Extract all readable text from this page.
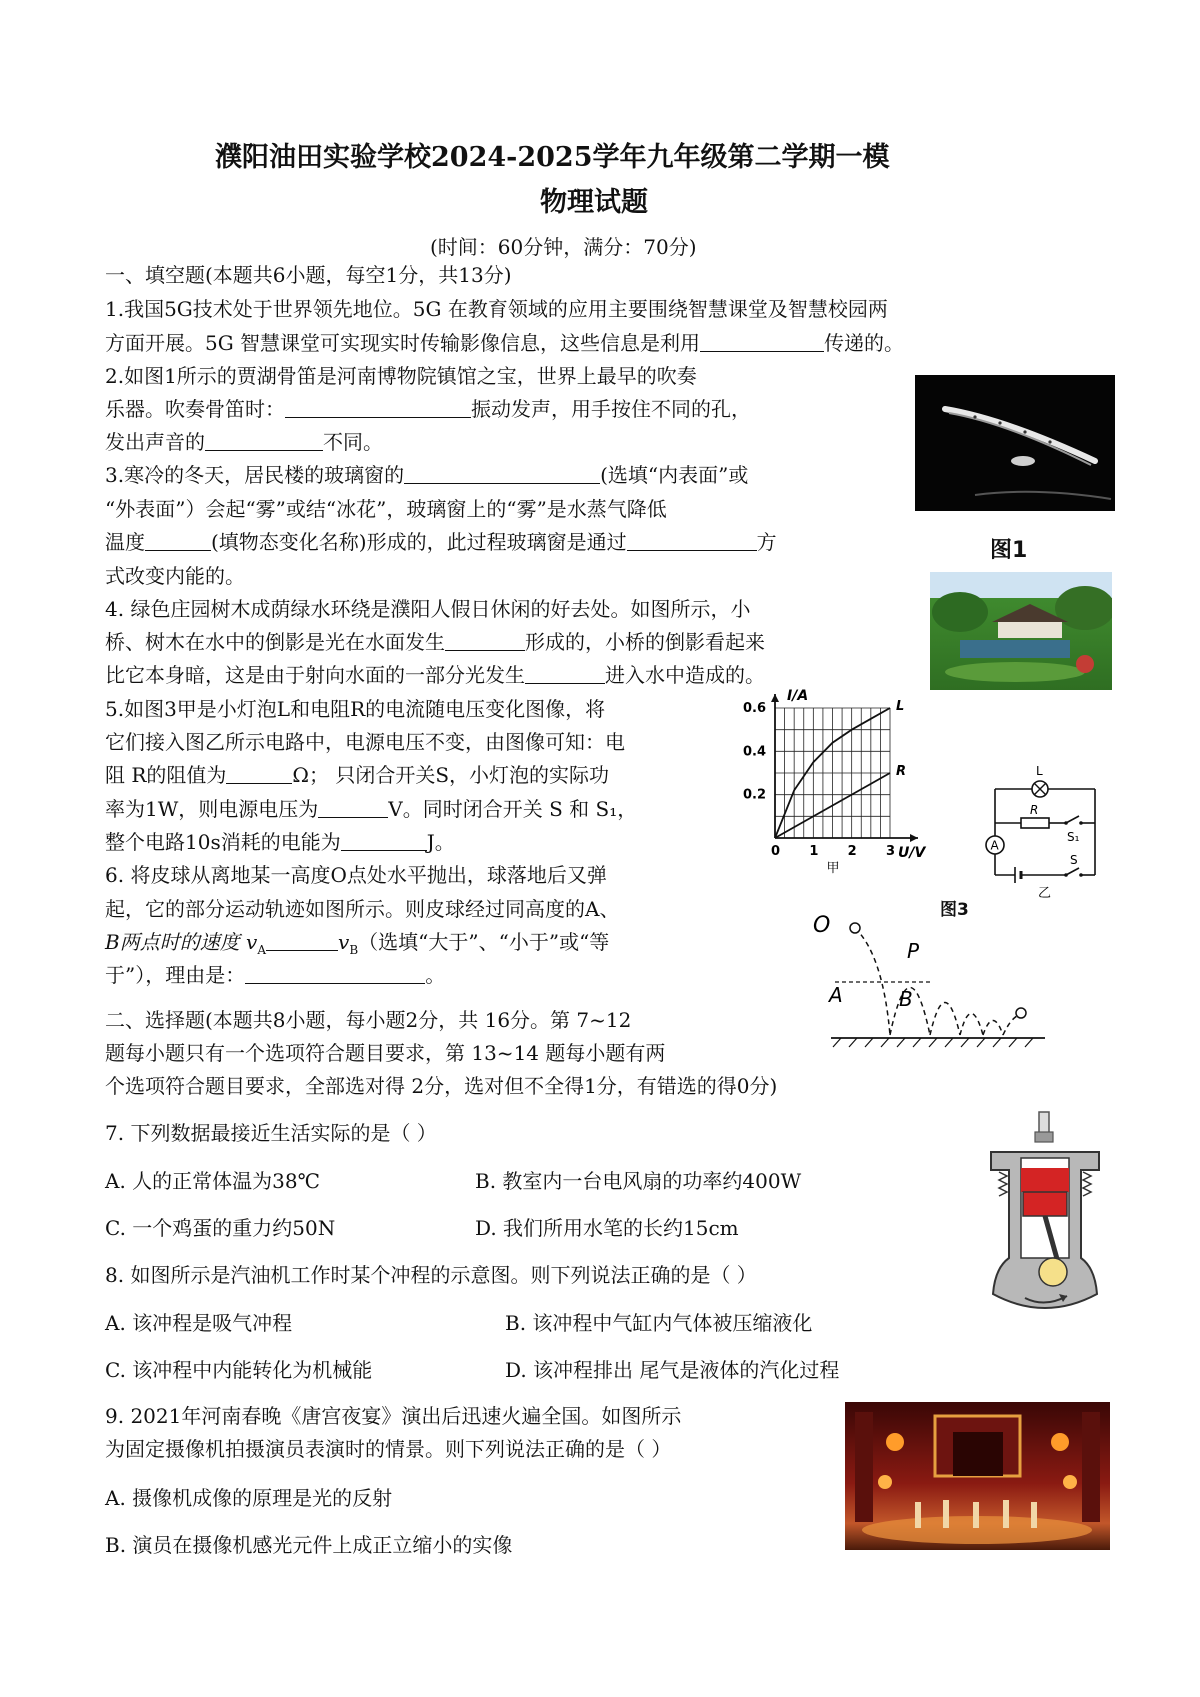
濮阳油田实验学校2024-2025学年九年级第二学期一模
物理试题
(时间：60分钟，满分：70分)
一、填空题(本题共6小题，每空1分，共13分)
1.我国5G技术处于世界领先地位。5G 在教育领域的应用主要围绕智慧课堂及智慧校园两
方面开展。5G 智慧课堂可实现实时传输影像信息，这些信息是利用	传递的。
2.如图1所示的贾湖骨笛是河南博物院镇馆之宝，世界上最早的吹奏
乐器。吹奏骨笛时：	振动发声，用手按住不同的孔，
发出声音的	不同。
图1
3.寒冷的冬天，居民楼的玻璃窗的	(选填“内表面”或
“外表面”）会起“雾”或结“冰花”，玻璃窗上的“雾”是水蒸气降低
温度	(填物态变化名称)形成的，此过程玻璃窗是通过	方
式改变内能的。
4. 绿色庄园树木成荫绿水环绕是濮阳人假日休闲的好去处。如图所示，小
桥、树木在水中的倒影是光在水面发生	形成的，小桥的倒影看起来
比它本身暗，这是由于射向水面的一部分光发生	进入水中造成的。
5.如图3甲是小灯泡L和电阻R的电流随电压变化图像，将
它们接入图乙所示电路中，电源电压不变，由图像可知：电
阻 R的阻值为	Ω； 只闭合开关S，小灯泡的实际功
率为1W，则电源电压为	V。同时闭合开关 S 和 S₁，
整个电路10s消耗的电能为	J。	0 1 2 3
0.2
0.4
0.6
U/V
I/A
L
R
甲
L
R
S₁
A
S
乙
图3
6. 将皮球从离地某一高度O点处水平抛出，球落地后又弹
起，它的部分运动轨迹如图所示。则皮球经过同高度的A、
B两点时的速度 $v_A$	$v_B$（选填“大于”、“小于”或“等
于”），理由是：	。
O
P
A	B
二、选择题(本题共8小题，每小题2分，共 16分。第 7~12
题每小题只有一个选项符合题目要求，第 13~14 题每小题有两
个选项符合题目要求，全部选对得 2分，选对但不全得1分，有错选的得0分)
7. 下列数据最接近生活实际的是（ ）
A. 人的正常体温为38℃	B. 教室内一台电风扇的功率约400W
C. 一个鸡蛋的重力约50N	D. 我们所用水笔的长约15cm
8. 如图所示是汽油机工作时某个冲程的示意图。则下列说法正确的是（ ）
A. 该冲程是吸气冲程	B. 该冲程中气缸内气体被压缩液化
C. 该冲程中内能转化为机械能	D. 该冲程排出 尾气是液体的汽化过程
9. 2021年河南春晚《唐宫夜宴》演出后迅速火遍全国。如图所示
为固定摄像机拍摄演员表演时的情景。则下列说法正确的是（ ）
A. 摄像机成像的原理是光的反射
B. 演员在摄像机感光元件上成正立缩小的实像
